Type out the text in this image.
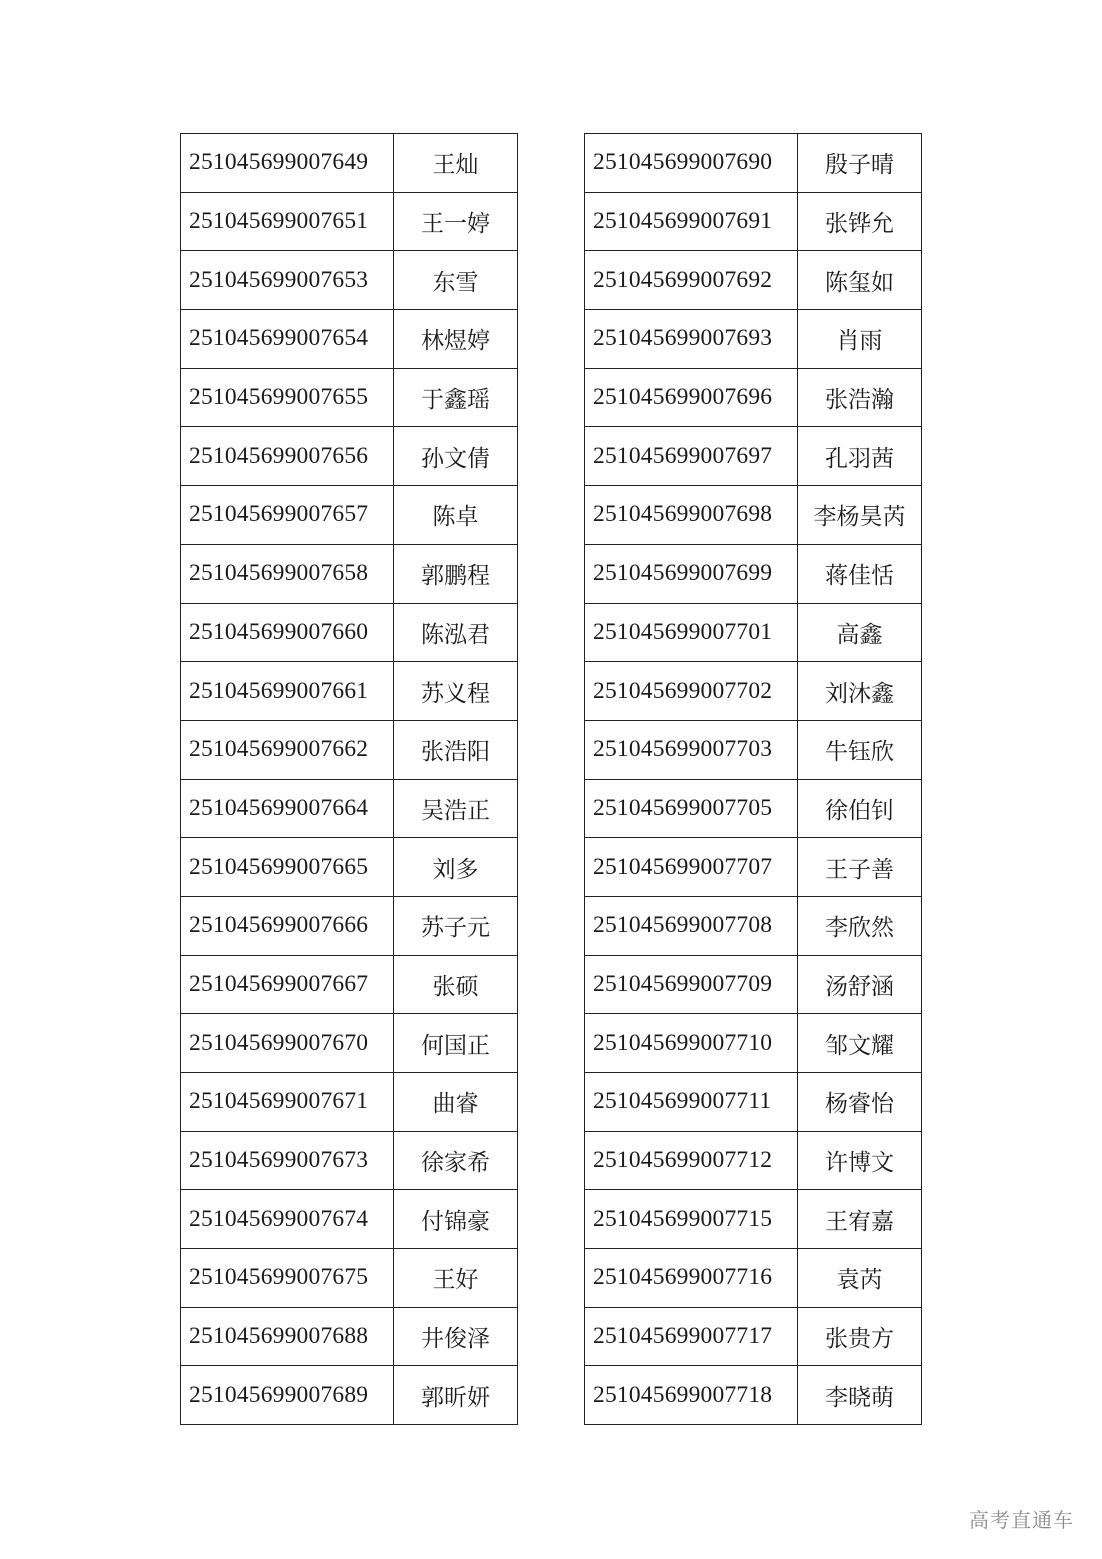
251045699007649	王灿
251045699007651	王一婷
251045699007653	东雪
251045699007654	林煜婷
251045699007655	于鑫瑶
251045699007656	孙文倩
251045699007657	陈卓
251045699007658	郭鹏程
251045699007660	陈泓君
251045699007661	苏义程
251045699007662	张浩阳
251045699007664	吴浩正
251045699007665	刘多
251045699007666	苏子元
251045699007667	张硕
251045699007670	何国正
251045699007671	曲睿
251045699007673	徐家希
251045699007674	付锦豪
251045699007675	王好
251045699007688	井俊泽
251045699007689	郭昕妍
251045699007690	殷子晴
251045699007691	张铧允
251045699007692	陈玺如
251045699007693	肖雨
251045699007696	张浩瀚
251045699007697	孔羽茜
251045699007698	李杨昊芮
251045699007699	蒋佳恬
251045699007701	高鑫
251045699007702	刘沐鑫
251045699007703	牛钰欣
251045699007705	徐伯钊
251045699007707	王子善
251045699007708	李欣然
251045699007709	汤舒涵
251045699007710	邹文耀
251045699007711	杨睿怡
251045699007712	许博文
251045699007715	王宥嘉
251045699007716	袁芮
251045699007717	张贵方
251045699007718	李晓萌
高考直通车
